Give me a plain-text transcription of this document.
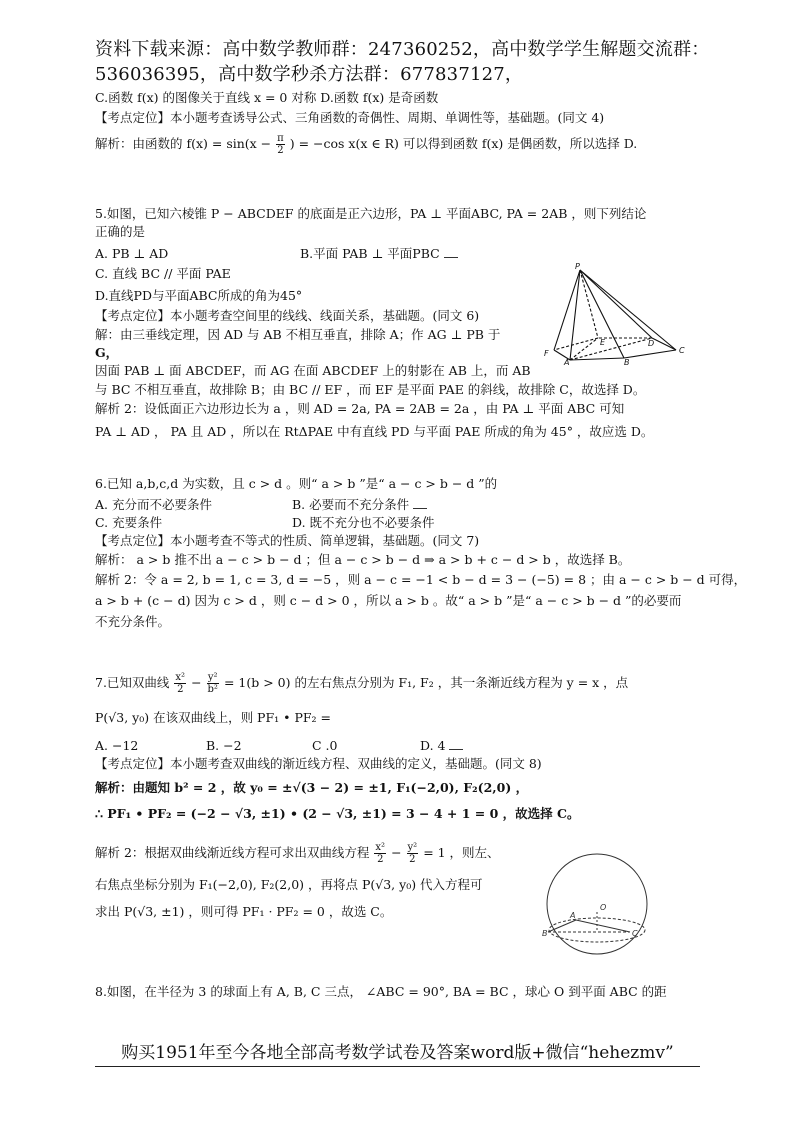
资料下载来源：高中数学教师群：247360252，高中数学学生解题交流群：
536036395，高中数学秒杀方法群：677837127，
C.函数 f(x) 的图像关于直线 x = 0 对称 D.函数 f(x) 是奇函数
【考点定位】本小题考查诱导公式、三角函数的奇偶性、周期、单调性等，基础题。(同文 4)
解析：由函数的 $f(x) = \sin(x - \frac{\pi}{2}$ ) = −cos x(x ∈ R) 可以得到函数 f(x) 是偶函数，所以选择 D.
5.如图，已知六棱锥 P − ABCDEF 的底面是正六边形，PA ⊥ 平面ABC, PA = 2AB ，则下列结论
正确的是
A. PB ⊥ AD	B.平面 PAB ⊥ 平面PBC
C. 直线 BC // 平面 PAE
D.直线PD与平面ABC所成的角为45°
【考点定位】本小题考查空间里的线线、线面关系，基础题。(同文 6)
解：由三垂线定理，因 AD 与 AB 不相互垂直，排除 A；作 AG ⊥ PB 于
G，
因面 PAB ⊥ 面 ABCDEF，而 AG 在面 ABCDEF 上的射影在 AB 上，而 AB
与 BC 不相互垂直，故排除 B；由 BC // EF ，而 EF 是平面 PAE 的斜线，故排除 C，故选择 D。
解析 2：设低面正六边形边长为 a ，则 AD = 2a, PA = 2AB = 2a ，由 PA ⊥ 平面 ABC 可知
PA ⊥ AD ， PA 且 AD ，所以在 RtΔPAE 中有直线 PD 与平面 PAE 所成的角为 45° ，故应选 D。
P
F
A	B
C
D
E
6.已知 a,b,c,d 为实数，且 c > d 。则“ a > b ”是“ a − c > b − d ”的
A. 充分而不必要条件	B. 必要而不充分条件
C. 充要条件	D. 既不充分也不必要条件
【考点定位】本小题考查不等式的性质、简单逻辑，基础题。(同文 7)
解析： a > b 推不出 a − c > b − d ；但 a − c > b − d ⇒ a > b + c − d > b ，故选择 B。
解析 2：令 a = 2, b = 1, c = 3, d = −5 ，则 a − c = −1 < b − d = 3 − (−5) = 8 ；由 a − c > b − d 可得，
a > b + (c − d) 因为 c > d ，则 c − d > 0 ，所以 a > b 。故“ a > b ”是“ a − c > b − d ”的必要而
不充分条件。
7.已知双曲线 $\frac{\text{x²}}{2} - \frac{\text{y²}}{\text{b²}} = 1(b > 0)$ 的左右焦点分别为 F₁, F₂ ，其一条渐近线方程为 y = x ，点
P(√3, y₀) 在该双曲线上，则 PF₁ • PF₂ =
A. −12	B. −2	C .0	D. 4
【考点定位】本小题考查双曲线的渐近线方程、双曲线的定义，基础题。(同文 8)
解析：由题知 b² = 2 ，故 y₀ = ±√(3 − 2) = ±1, F₁(−2,0), F₂(2,0) ，
∴ PF₁ • PF₂ = (−2 − √3, ±1) • (2 − √3, ±1) = 3 − 4 + 1 = 0 ，故选择 C。
解析 2：根据双曲线渐近线方程可求出双曲线方程 $\frac{\text{x²}}{2} - \frac{\text{y²}}{2} = 1$ ，则左、
右焦点坐标分别为 F₁(−2,0), F₂(2,0) ，再将点 P(√3, y₀) 代入方程可
求出 P(√3, ±1) ，则可得 PF₁ · PF₂ = 0 ，故选 C。	O
A
B	C
8.如图，在半径为 3 的球面上有 A, B, C 三点， ∠ABC = 90°, BA = BC ，球心 O 到平面 ABC 的距
购买1951年至今各地全部高考数学试卷及答案word版+微信“hehezmv”
